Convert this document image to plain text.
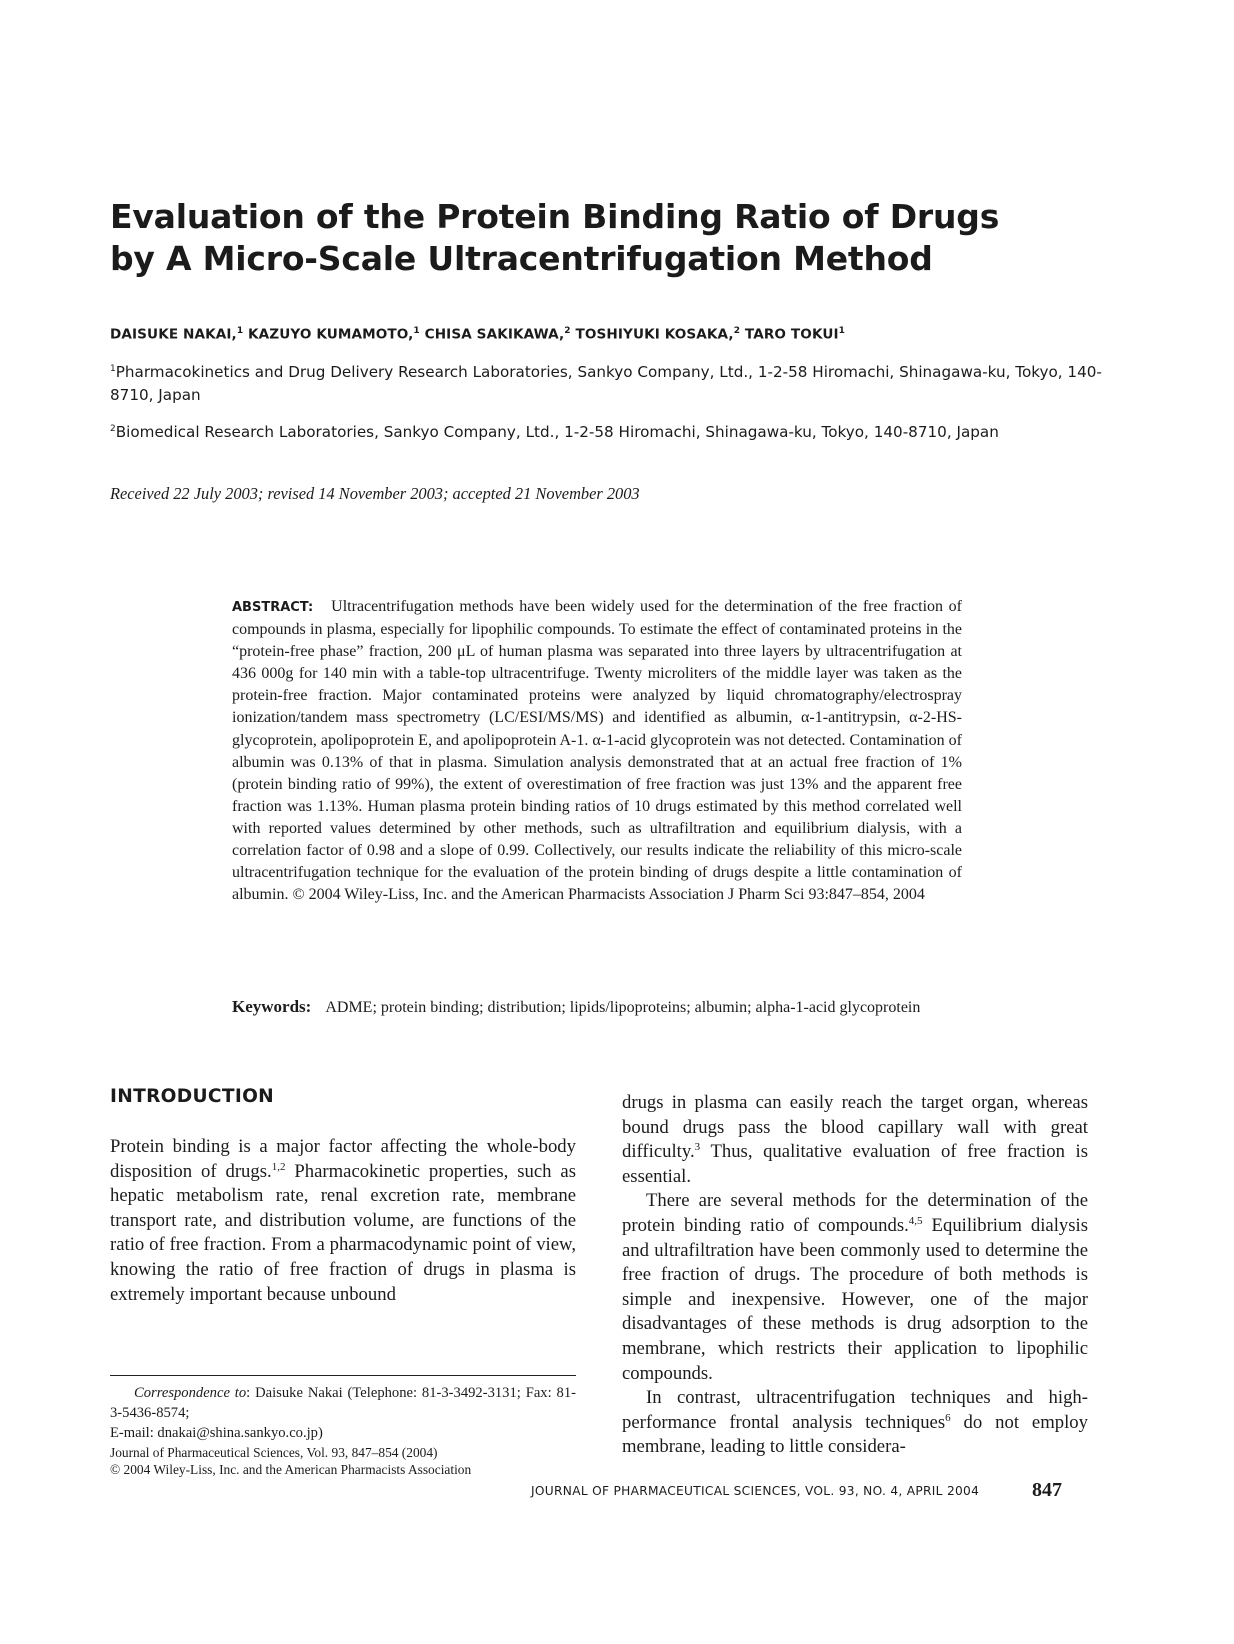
Evaluation of the Protein Binding Ratio of Drugs
by A Micro-Scale Ultracentrifugation Method
DAISUKE NAKAI,$^1$ KAZUYO KUMAMOTO,$^1$ CHISA SAKIKAWA,$^2$ TOSHIYUKI KOSAKA,$^2$ TARO TOKUI$^1$
$^1$Pharmacokinetics and Drug Delivery Research Laboratories, Sankyo Company, Ltd., 1-2-58 Hiromachi, Shinagawa-ku, Tokyo, 140-8710, Japan
$^2$Biomedical Research Laboratories, Sankyo Company, Ltd., 1-2-58 Hiromachi, Shinagawa-ku, Tokyo, 140-8710, Japan
Received 22 July 2003; revised 14 November 2003; accepted 21 November 2003
ABSTRACT: Ultracentrifugation methods have been widely used for the determination of the free fraction of compounds in plasma, especially for lipophilic compounds. To estimate the effect of contaminated proteins in the “protein-free phase” fraction, 200 μL of human plasma was separated into three layers by ultracentrifugation at 436 000g for 140 min with a table-top ultracentrifuge. Twenty microliters of the middle layer was taken as the protein-free fraction. Major contaminated proteins were analyzed by liquid chromatography/electrospray ionization/tandem mass spectrometry (LC/ESI/MS/MS) and identified as albumin, α-1-antitrypsin, α-2-HS-glycoprotein, apolipoprotein E, and apolipoprotein A-1. α-1-acid glycoprotein was not detected. Contamination of albumin was 0.13% of that in plasma. Simulation analysis demonstrated that at an actual free fraction of 1% (protein binding ratio of 99%), the extent of overestimation of free fraction was just 13% and the apparent free fraction was 1.13%. Human plasma protein binding ratios of 10 drugs estimated by this method correlated well with reported values determined by other methods, such as ultrafiltration and equilibrium dialysis, with a correlation factor of 0.98 and a slope of 0.99. Collectively, our results indicate the reliability of this micro-scale ultracentrifugation technique for the evaluation of the protein binding of drugs despite a little contamination of albumin. © 2004 Wiley-Liss, Inc. and the American Pharmacists Association J Pharm Sci 93:847–854, 2004
Keywords: ADME; protein binding; distribution; lipids/lipoproteins; albumin; alpha-1-acid glycoprotein
INTRODUCTION

Protein binding is a major factor affecting the whole-body disposition of drugs.$^{1,2}$ Pharmacokinetic properties, such as hepatic metabolism rate, renal excretion rate, membrane transport rate, and distribution volume, are functions of the ratio of free fraction. From a pharmacodynamic point of view, knowing the ratio of free fraction of drugs in plasma is extremely important because unbound

drugs in plasma can easily reach the target organ, whereas bound drugs pass the blood capillary wall with great difficulty.$^3$ Thus, qualitative evaluation of free fraction is essential.

There are several methods for the determination of the protein binding ratio of compounds.$^{4,5}$ Equilibrium dialysis and ultrafiltration have been commonly used to determine the free fraction of drugs. The procedure of both methods is simple and inexpensive. However, one of the major disadvantages of these methods is drug adsorption to the membrane, which restricts their application to lipophilic compounds.

In contrast, ultracentrifugation techniques and high-performance frontal analysis techniques$^6$ do not employ membrane, leading to little considera-

Correspondence to: Daisuke Nakai (Telephone: 81-3-3492-3131; Fax: 81-3-5436-8574;
E-mail: dnakai@shina.sankyo.co.jp)
Journal of Pharmaceutical Sciences, Vol. 93, 847–854 (2004)
© 2004 Wiley-Liss, Inc. and the American Pharmacists Association
JOURNAL OF PHARMACEUTICAL SCIENCES, VOL. 93, NO. 4, APRIL 2004	847
